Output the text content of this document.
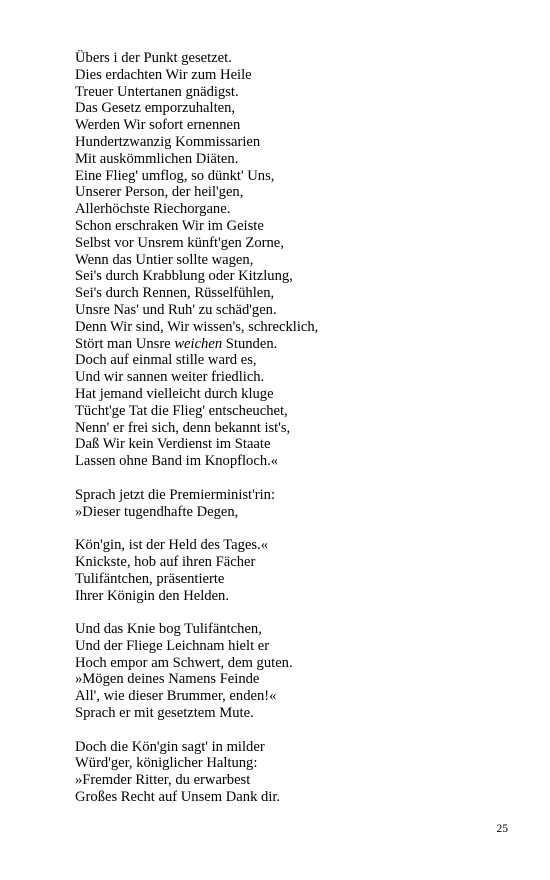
Übers i der Punkt gesetzet.
Dies erdachten Wir zum Heile
Treuer Untertanen gnädigst.
Das Gesetz emporzuhalten,
Werden Wir sofort ernennen
Hundertzwanzig Kommissarien
Mit auskömmlichen Diäten.
Eine Flieg' umflog, so dünkt' Uns,
Unserer Person, der heil'gen,
Allerhöchste Riechorgane.
Schon erschraken Wir im Geiste
Selbst vor Unsrem künft'gen Zorne,
Wenn das Untier sollte wagen,
Sei's durch Krabblung oder Kitzlung,
Sei's durch Rennen, Rüsselfühlen,
Unsre Nas' und Ruh' zu schäd'gen.
Denn Wir sind, Wir wissen's, schrecklich,
Stört man Unsre weichen Stunden.
Doch auf einmal stille ward es,
Und wir sannen weiter friedlich.
Hat jemand vielleicht durch kluge
Tücht'ge Tat die Flieg' entscheuchet,
Nenn' er frei sich, denn bekannt ist's,
Daß Wir kein Verdienst im Staate
Lassen ohne Band im Knopfloch.«
Sprach jetzt die Premierminist'rin:
»Dieser tugendhafte Degen,
Kön'gin, ist der Held des Tages.«
Knickste, hob auf ihren Fächer
Tulifäntchen, präsentierte
Ihrer Königin den Helden.
Und das Knie bog Tulifäntchen,
Und der Fliege Leichnam hielt er
Hoch empor am Schwert, dem guten.
»Mögen deines Namens Feinde
All', wie dieser Brummer, enden!«
Sprach er mit gesetztem Mute.
Doch die Kön'gin sagt' in milder
Würd'ger, königlicher Haltung:
»Fremder Ritter, du erwarbest
Großes Recht auf Unsem Dank dir.
25
